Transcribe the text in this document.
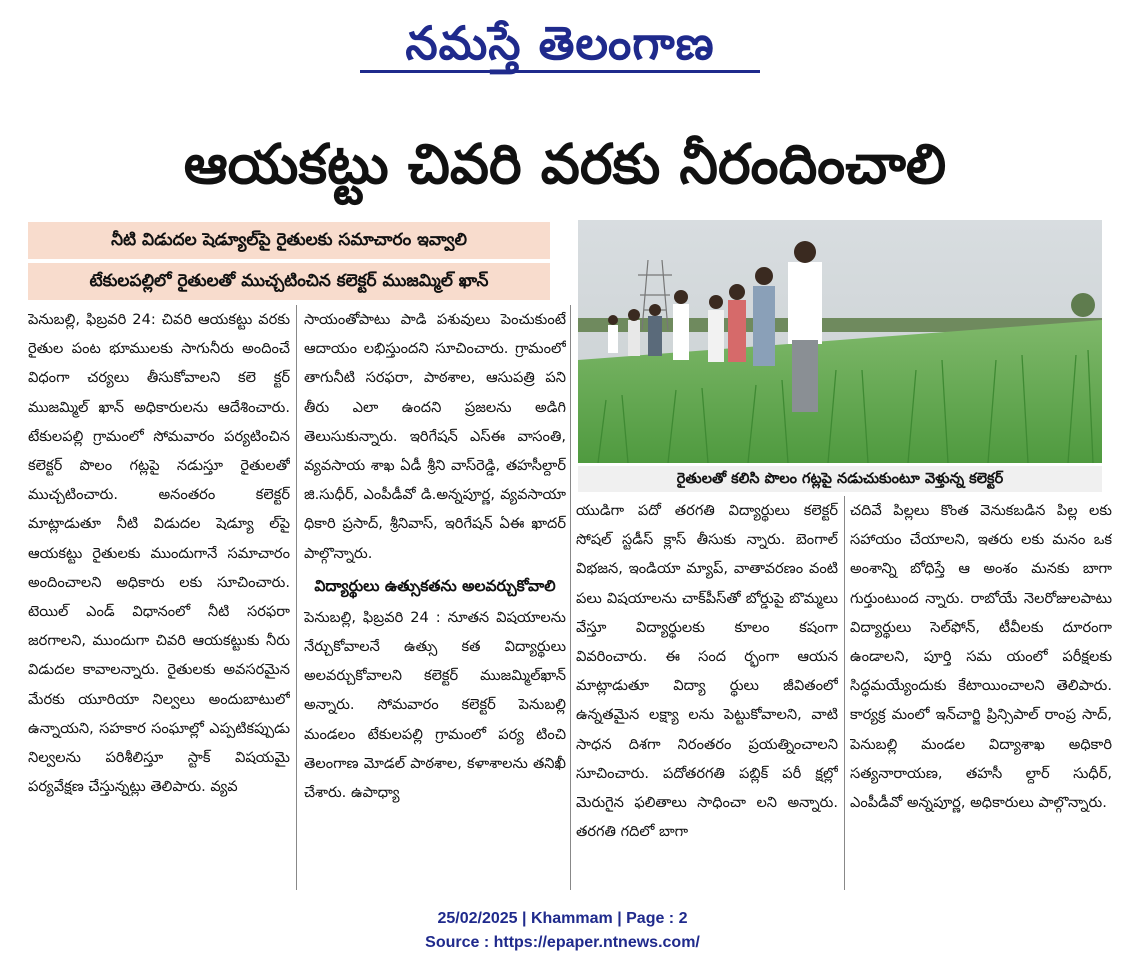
నమస్తే తెలంగాణ
ఆయకట్టు చివరి వరకు నీరందించాలి
నీటి విడుదల షెడ్యూల్‌పై రైతులకు సమాచారం ఇవ్వాలి
టేకులపల్లిలో రైతులతో ముచ్చటించిన కలెక్టర్ ముజమ్మిల్ ఖాన్
రైతులతో కలిసి పొలం గట్లపై నడుచుకుంటూ వెళ్తున్న కలెక్టర్

పెనుబల్లి, ఫిబ్రవరి 24: చివరి ఆయకట్టు వరకు రైతుల పంట భూములకు సాగునీరు అందించే విధంగా చర్యలు తీసుకోవాలని కలె క్టర్ ముజమ్మిల్ ఖాన్ అధికారులను ఆదేశించారు. టేకులపల్లి గ్రామంలో సోమవారం పర్యటించిన కలెక్టర్ పొలం గట్లపై నడుస్తూ రైతులతో ముచ్చటించారు. అనంతరం కలెక్టర్ మాట్లాడుతూ నీటి విడుదల షెడ్యూ ల్‌పై ఆయకట్టు రైతులకు ముందుగానే సమాచారం అందించాలని అధికారు లకు సూచించారు. టెయిల్ ఎండ్ విధానంలో నీటి సరఫరా జరగాలని, ముందుగా చివరి ఆయకట్టుకు నీరు విడుదల కావాలన్నారు. రైతులకు అవసరమైన మేరకు యూరియా నిల్వలు అందుబాటులో ఉన్నాయని, సహకార సంఘాల్లో ఎప్పటికప్పుడు నిల్వలను పరిశీలిస్తూ స్టాక్ విషయమై పర్యవేక్షణ చేస్తున్నట్లు తెలిపారు. వ్యవ

సాయంతోపాటు పాడి పశువులు పెంచుకుంటే ఆదాయం లభిస్తుందని సూచించారు. గ్రామంలో తాగునీటి సరఫరా, పాఠశాల, ఆసుపత్రి పని తీరు ఎలా ఉందని ప్రజలను అడిగి తెలుసుకున్నారు. ఇరిగేషన్ ఎస్‌ఈ వాసంతి, వ్యవసాయ శాఖ ఏడీ శ్రీని వాస్‌రెడ్డి, తహసీల్దార్ జి.సుధీర్, ఎంపీడీవో డి.అన్నపూర్ణ, వ్యవసాయా ధికారి ప్రసాద్, శ్రీనివాస్, ఇరిగేషన్ ఏఈ ఖాదర్ పాల్గొన్నారు.

విద్యార్థులు ఉత్సుకతను అలవర్చుకోవాలి

పెనుబల్లి, ఫిబ్రవరి 24 : నూతన విషయాలను నేర్చుకోవాలనే ఉత్సు కత విద్యార్థులు అలవర్చుకోవాలని కలెక్టర్ ముజమ్మిల్‌ఖాన్ అన్నారు. సోమవారం కలెక్టర్ పెనుబల్లి మండలం టేకులపల్లి గ్రామంలో పర్య టించి తెలంగాణ మోడల్ పాఠశాల, కళాశాలను తనిఖీ చేశారు. ఉపాధ్యా

యుడిగా పదో తరగతి విద్యార్థులు కలెక్టర్ సోషల్ స్టడీస్ క్లాస్ తీసుకు న్నారు. బెంగాల్ విభజన, ఇండియా మ్యాప్, వాతావరణం వంటి పలు విషయాలను చాక్‌పీస్‌తో బోర్డుపై బొమ్మలు వేస్తూ విద్యార్థులకు కూలం కషంగా వివరించారు. ఈ సంద ర్భంగా ఆయన మాట్లాడుతూ విద్యా ర్థులు జీవితంలో ఉన్నతమైన లక్ష్యా లను పెట్టుకోవాలని, వాటి సాధన దిశగా నిరంతరం ప్రయత్నించాలని సూచించారు. పదోతరగతి పబ్లిక్ పరీ క్షల్లో మెరుగైన ఫలితాలు సాధించా లని అన్నారు. తరగతి గదిలో బాగా

చదివే పిల్లలు కొంత వెనుకబడిన పిల్ల లకు సహాయం చేయాలని, ఇతరు లకు మనం ఒక అంశాన్ని బోధిస్తే ఆ అంశం మనకు బాగా గుర్తుంటుంద న్నారు. రాబోయే నెలరోజులపాటు విద్యార్థులు సెల్‌ఫోన్, టీవీలకు దూరంగా ఉండాలని, పూర్తి సమ యంలో పరీక్షలకు సిద్ధమయ్యేందుకు కేటాయించాలని తెలిపారు. కార్యక్ర మంలో ఇన్‌చార్జి ప్రిన్సిపాల్ రాంప్ర సాద్, పెనుబల్లి మండల విద్యాశాఖ అధికారి సత్యనారాయణ, తహసీ ల్దార్ సుధీర్, ఎంపీడీవో అన్నపూర్ణ, అధికారులు పాల్గొన్నారు.

25/02/2025 | Khammam | Page : 2
Source : https://epaper.ntnews.com/
